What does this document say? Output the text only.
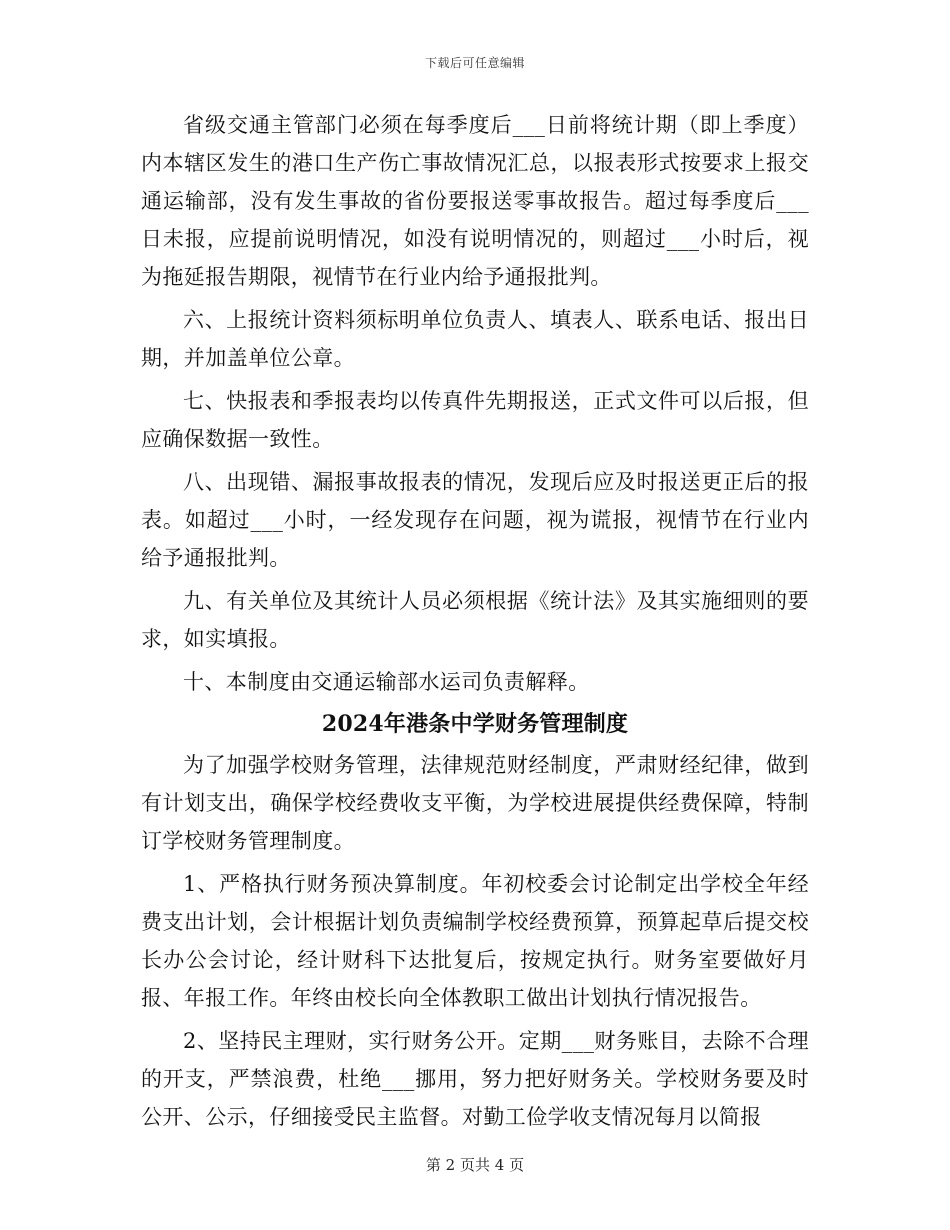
下载后可任意编辑

省级交通主管部门必须在每季度后___日前将统计期（即上季度）内本辖区发生的港口生产伤亡事故情况汇总，以报表形式按要求上报交通运输部，没有发生事故的省份要报送零事故报告。超过每季度后___日未报，应提前说明情况，如没有说明情况的，则超过___小时后，视为拖延报告期限，视情节在行业内给予通报批判。

六、上报统计资料须标明单位负责人、填表人、联系电话、报出日期，并加盖单位公章。

七、快报表和季报表均以传真件先期报送，正式文件可以后报，但应确保数据一致性。

八、出现错、漏报事故报表的情况，发现后应及时报送更正后的报表。如超过___小时，一经发现存在问题，视为谎报，视情节在行业内给予通报批判。

九、有关单位及其统计人员必须根据《统计法》及其实施细则的要求，如实填报。

十、本制度由交通运输部水运司负责解释。

2024年港条中学财务管理制度

为了加强学校财务管理，法律规范财经制度，严肃财经纪律，做到有计划支出，确保学校经费收支平衡，为学校进展提供经费保障，特制订学校财务管理制度。

1、严格执行财务预决算制度。年初校委会讨论制定出学校全年经费支出计划，会计根据计划负责编制学校经费预算，预算起草后提交校长办公会讨论，经计财科下达批复后，按规定执行。财务室要做好月报、年报工作。年终由校长向全体教职工做出计划执行情况报告。

2、坚持民主理财，实行财务公开。定期___财务账目，去除不合理的开支，严禁浪费，杜绝___挪用，努力把好财务关。学校财务要及时公开、公示，仔细接受民主监督。对勤工俭学收支情况每月以简报

第 2 页共 4 页
